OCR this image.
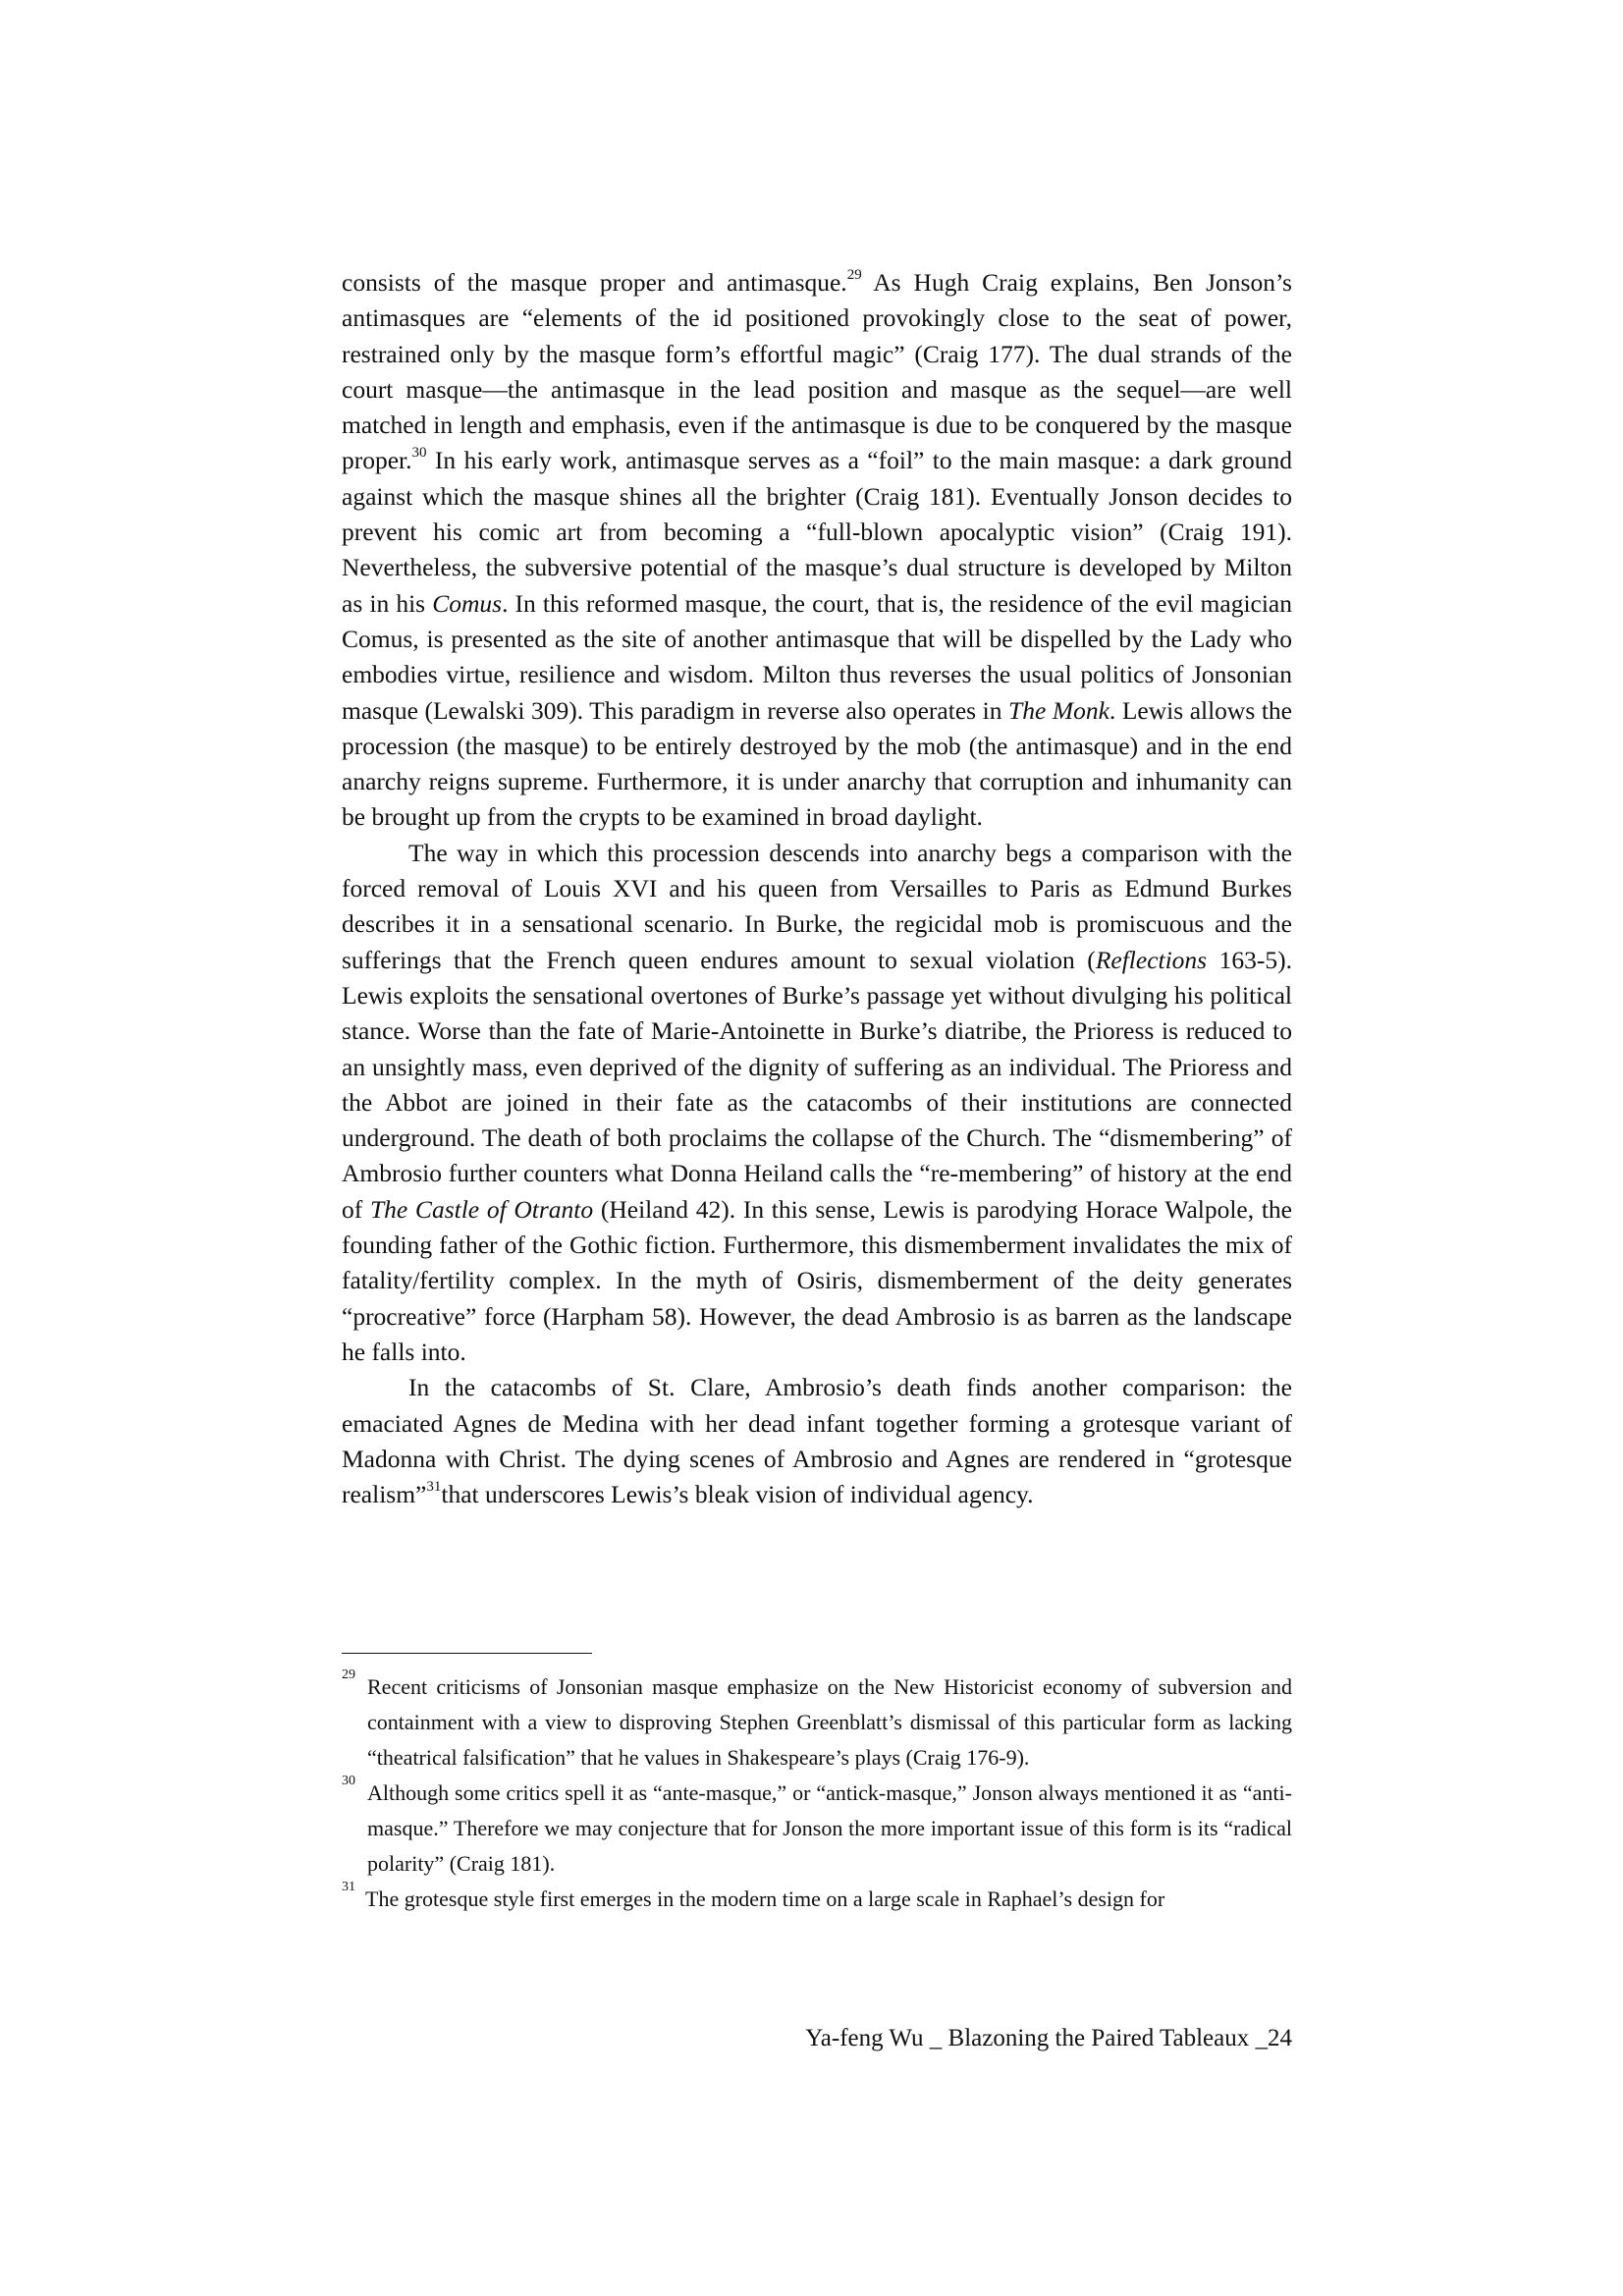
consists of the masque proper and antimasque.$^{29}$ As Hugh Craig explains, Ben Jonson’s antimasques are “elements of the id positioned provokingly close to the seat of power, restrained only by the masque form’s effortful magic” (Craig 177). The dual strands of the court masque—the antimasque in the lead position and masque as the sequel—are well matched in length and emphasis, even if the antimasque is due to be conquered by the masque proper.$^{30}$ In his early work, antimasque serves as a “foil” to the main masque: a dark ground against which the masque shines all the brighter (Craig 181). Eventually Jonson decides to prevent his comic art from becoming a “full-blown apocalyptic vision” (Craig 191). Nevertheless, the subversive potential of the masque’s dual structure is developed by Milton as in his Comus. In this reformed masque, the court, that is, the residence of the evil magician Comus, is presented as the site of another antimasque that will be dispelled by the Lady who embodies virtue, resilience and wisdom. Milton thus reverses the usual politics of Jonsonian masque (Lewalski 309). This paradigm in reverse also operates in The Monk. Lewis allows the procession (the masque) to be entirely destroyed by the mob (the antimasque) and in the end anarchy reigns supreme. Furthermore, it is under anarchy that corruption and inhumanity can be brought up from the crypts to be examined in broad daylight.

The way in which this procession descends into anarchy begs a comparison with the forced removal of Louis XVI and his queen from Versailles to Paris as Edmund Burkes describes it in a sensational scenario. In Burke, the regicidal mob is promiscuous and the sufferings that the French queen endures amount to sexual violation (Reflections 163-5). Lewis exploits the sensational overtones of Burke’s passage yet without divulging his political stance. Worse than the fate of Marie-Antoinette in Burke’s diatribe, the Prioress is reduced to an unsightly mass, even deprived of the dignity of suffering as an individual. The Prioress and the Abbot are joined in their fate as the catacombs of their institutions are connected underground. The death of both proclaims the collapse of the Church. The “dismembering” of Ambrosio further counters what Donna Heiland calls the “re-membering” of history at the end of The Castle of Otranto (Heiland 42). In this sense, Lewis is parodying Horace Walpole, the founding father of the Gothic fiction. Furthermore, this dismemberment invalidates the mix of fatality/fertility complex. In the myth of Osiris, dismemberment of the deity generates “procreative” force (Harpham 58). However, the dead Ambrosio is as barren as the landscape he falls into.

In the catacombs of St. Clare, Ambrosio’s death finds another comparison: the emaciated Agnes de Medina with her dead infant together forming a grotesque variant of Madonna with Christ. The dying scenes of Ambrosio and Agnes are rendered in “grotesque realism”$^{31}$that underscores Lewis’s bleak vision of individual agency.

29 Recent criticisms of Jonsonian masque emphasize on the New Historicist economy of subversion and containment with a view to disproving Stephen Greenblatt’s dismissal of this particular form as lacking “theatrical falsification” that he values in Shakespeare’s plays (Craig 176-9).

30 Although some critics spell it as “ante-masque,” or “antick-masque,” Jonson always mentioned it as “anti-masque.” Therefore we may conjecture that for Jonson the more important issue of this form is its “radical polarity” (Craig 181).

31 The grotesque style first emerges in the modern time on a large scale in Raphael’s design for

Ya-feng Wu _ Blazoning the Paired Tableaux _24
